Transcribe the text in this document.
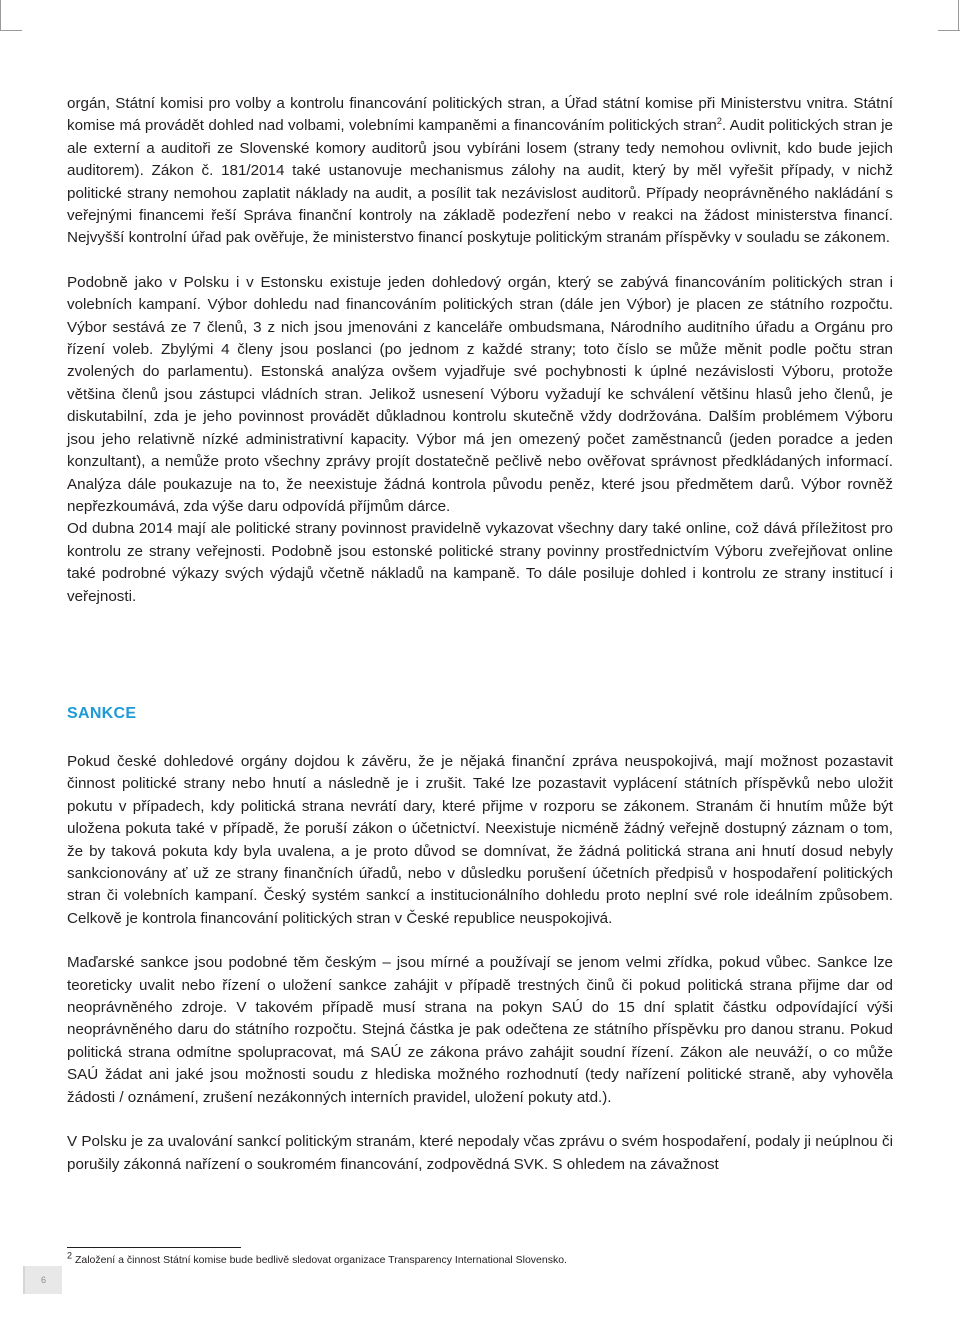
orgán, Státní komisi pro volby a kontrolu financování politických stran, a Úřad státní komise při Ministerstvu vnitra. Státní komise má provádět dohled nad volbami, volebními kampaněmi a financováním politických stran$^2$. Audit politických stran je ale externí a auditoři ze Slovenské komory auditorů jsou vybíráni losem (strany tedy nemohou ovlivnit, kdo bude jejich auditorem). Zákon č. 181/2014 také ustanovuje mechanismus zálohy na audit, který by měl vyřešit případy, v nichž politické strany nemohou zaplatit náklady na audit, a posílit tak nezávislost auditorů. Případy neoprávněného nakládání s veřejnými financemi řeší Správa finanční kontroly na základě podezření nebo v reakci na žádost ministerstva financí. Nejvyšší kontrolní úřad pak ověřuje, že ministerstvo financí poskytuje politickým stranám příspěvky v souladu se zákonem.

Podobně jako v Polsku i v Estonsku existuje jeden dohledový orgán, který se zabývá financováním politických stran i volebních kampaní. Výbor dohledu nad financováním politických stran (dále jen Výbor) je placen ze státního rozpočtu. Výbor sestává ze 7 členů, 3 z nich jsou jmenováni z kanceláře ombudsmana, Národního auditního úřadu a Orgánu pro řízení voleb. Zbylými 4 členy jsou poslanci (po jednom z každé strany; toto číslo se může měnit podle počtu stran zvolených do parlamentu). Estonská analýza ovšem vyjadřuje své pochybnosti k úplné nezávislosti Výboru, protože většina členů jsou zástupci vládních stran. Jelikož usnesení Výboru vyžadují ke schválení většinu hlasů jeho členů, je diskutabilní, zda je jeho povinnost provádět důkladnou kontrolu skutečně vždy dodržována. Dalším problémem Výboru jsou jeho relativně nízké administrativní kapacity. Výbor má jen omezený počet zaměstnanců (jeden poradce a jeden konzultant), a nemůže proto všechny zprávy projít dostatečně pečlivě nebo ověřovat správnost předkládaných informací. Analýza dále poukazuje na to, že neexistuje žádná kontrola původu peněz, které jsou předmětem darů. Výbor rovněž nepřezkoumává, zda výše daru odpovídá příjmům dárce.

Od dubna 2014 mají ale politické strany povinnost pravidelně vykazovat všechny dary také online, což dává příležitost pro kontrolu ze strany veřejnosti. Podobně jsou estonské politické strany povinny prostřednictvím Výboru zveřejňovat online také podrobné výkazy svých výdajů včetně nákladů na kampaně. To dále posiluje dohled i kontrolu ze strany institucí i veřejnosti.

SANKCE

Pokud české dohledové orgány dojdou k závěru, že je nějaká finanční zpráva neuspokojivá, mají možnost pozastavit činnost politické strany nebo hnutí a následně je i zrušit. Také lze pozastavit vyplácení státních příspěvků nebo uložit pokutu v případech, kdy politická strana nevrátí dary, které přijme v rozporu se zákonem. Stranám či hnutím může být uložena pokuta také v případě, že poruší zákon o účetnictví. Neexistuje nicméně žádný veřejně dostupný záznam o tom, že by taková pokuta kdy byla uvalena, a je proto důvod se domnívat, že žádná politická strana ani hnutí dosud nebyly sankcionovány ať už ze strany finančních úřadů, nebo v důsledku porušení účetních předpisů v hospodaření politických stran či volebních kampaní. Český systém sankcí a institucionálního dohledu proto neplní své role ideálním způsobem. Celkově je kontrola financování politických stran v České republice neuspokojivá.

Maďarské sankce jsou podobné těm českým – jsou mírné a používají se jenom velmi zřídka, pokud vůbec. Sankce lze teoreticky uvalit nebo řízení o uložení sankce zahájit v případě trestných činů či pokud politická strana přijme dar od neoprávněného zdroje. V takovém případě musí strana na pokyn SAÚ do 15 dní splatit částku odpovídající výši neoprávněného daru do státního rozpočtu. Stejná částka je pak odečtena ze státního příspěvku pro danou stranu. Pokud politická strana odmítne spolupracovat, má SAÚ ze zákona právo zahájit soudní řízení. Zákon ale neuváží, o co může SAÚ žádat ani jaké jsou možnosti soudu z hlediska možného rozhodnutí (tedy nařízení politické straně, aby vyhověla žádosti / oznámení, zrušení nezákonných interních pravidel, uložení pokuty atd.).

V Polsku je za uvalování sankcí politickým stranám, které nepodaly včas zprávu o svém hospodaření, podaly ji neúplnou či porušily zákonná nařízení o soukromém financování, zodpovědná SVK. S ohledem na závažnost

$^2$ Založení a činnost Státní komise bude bedlivě sledovat organizace Transparency International Slovensko.
6
